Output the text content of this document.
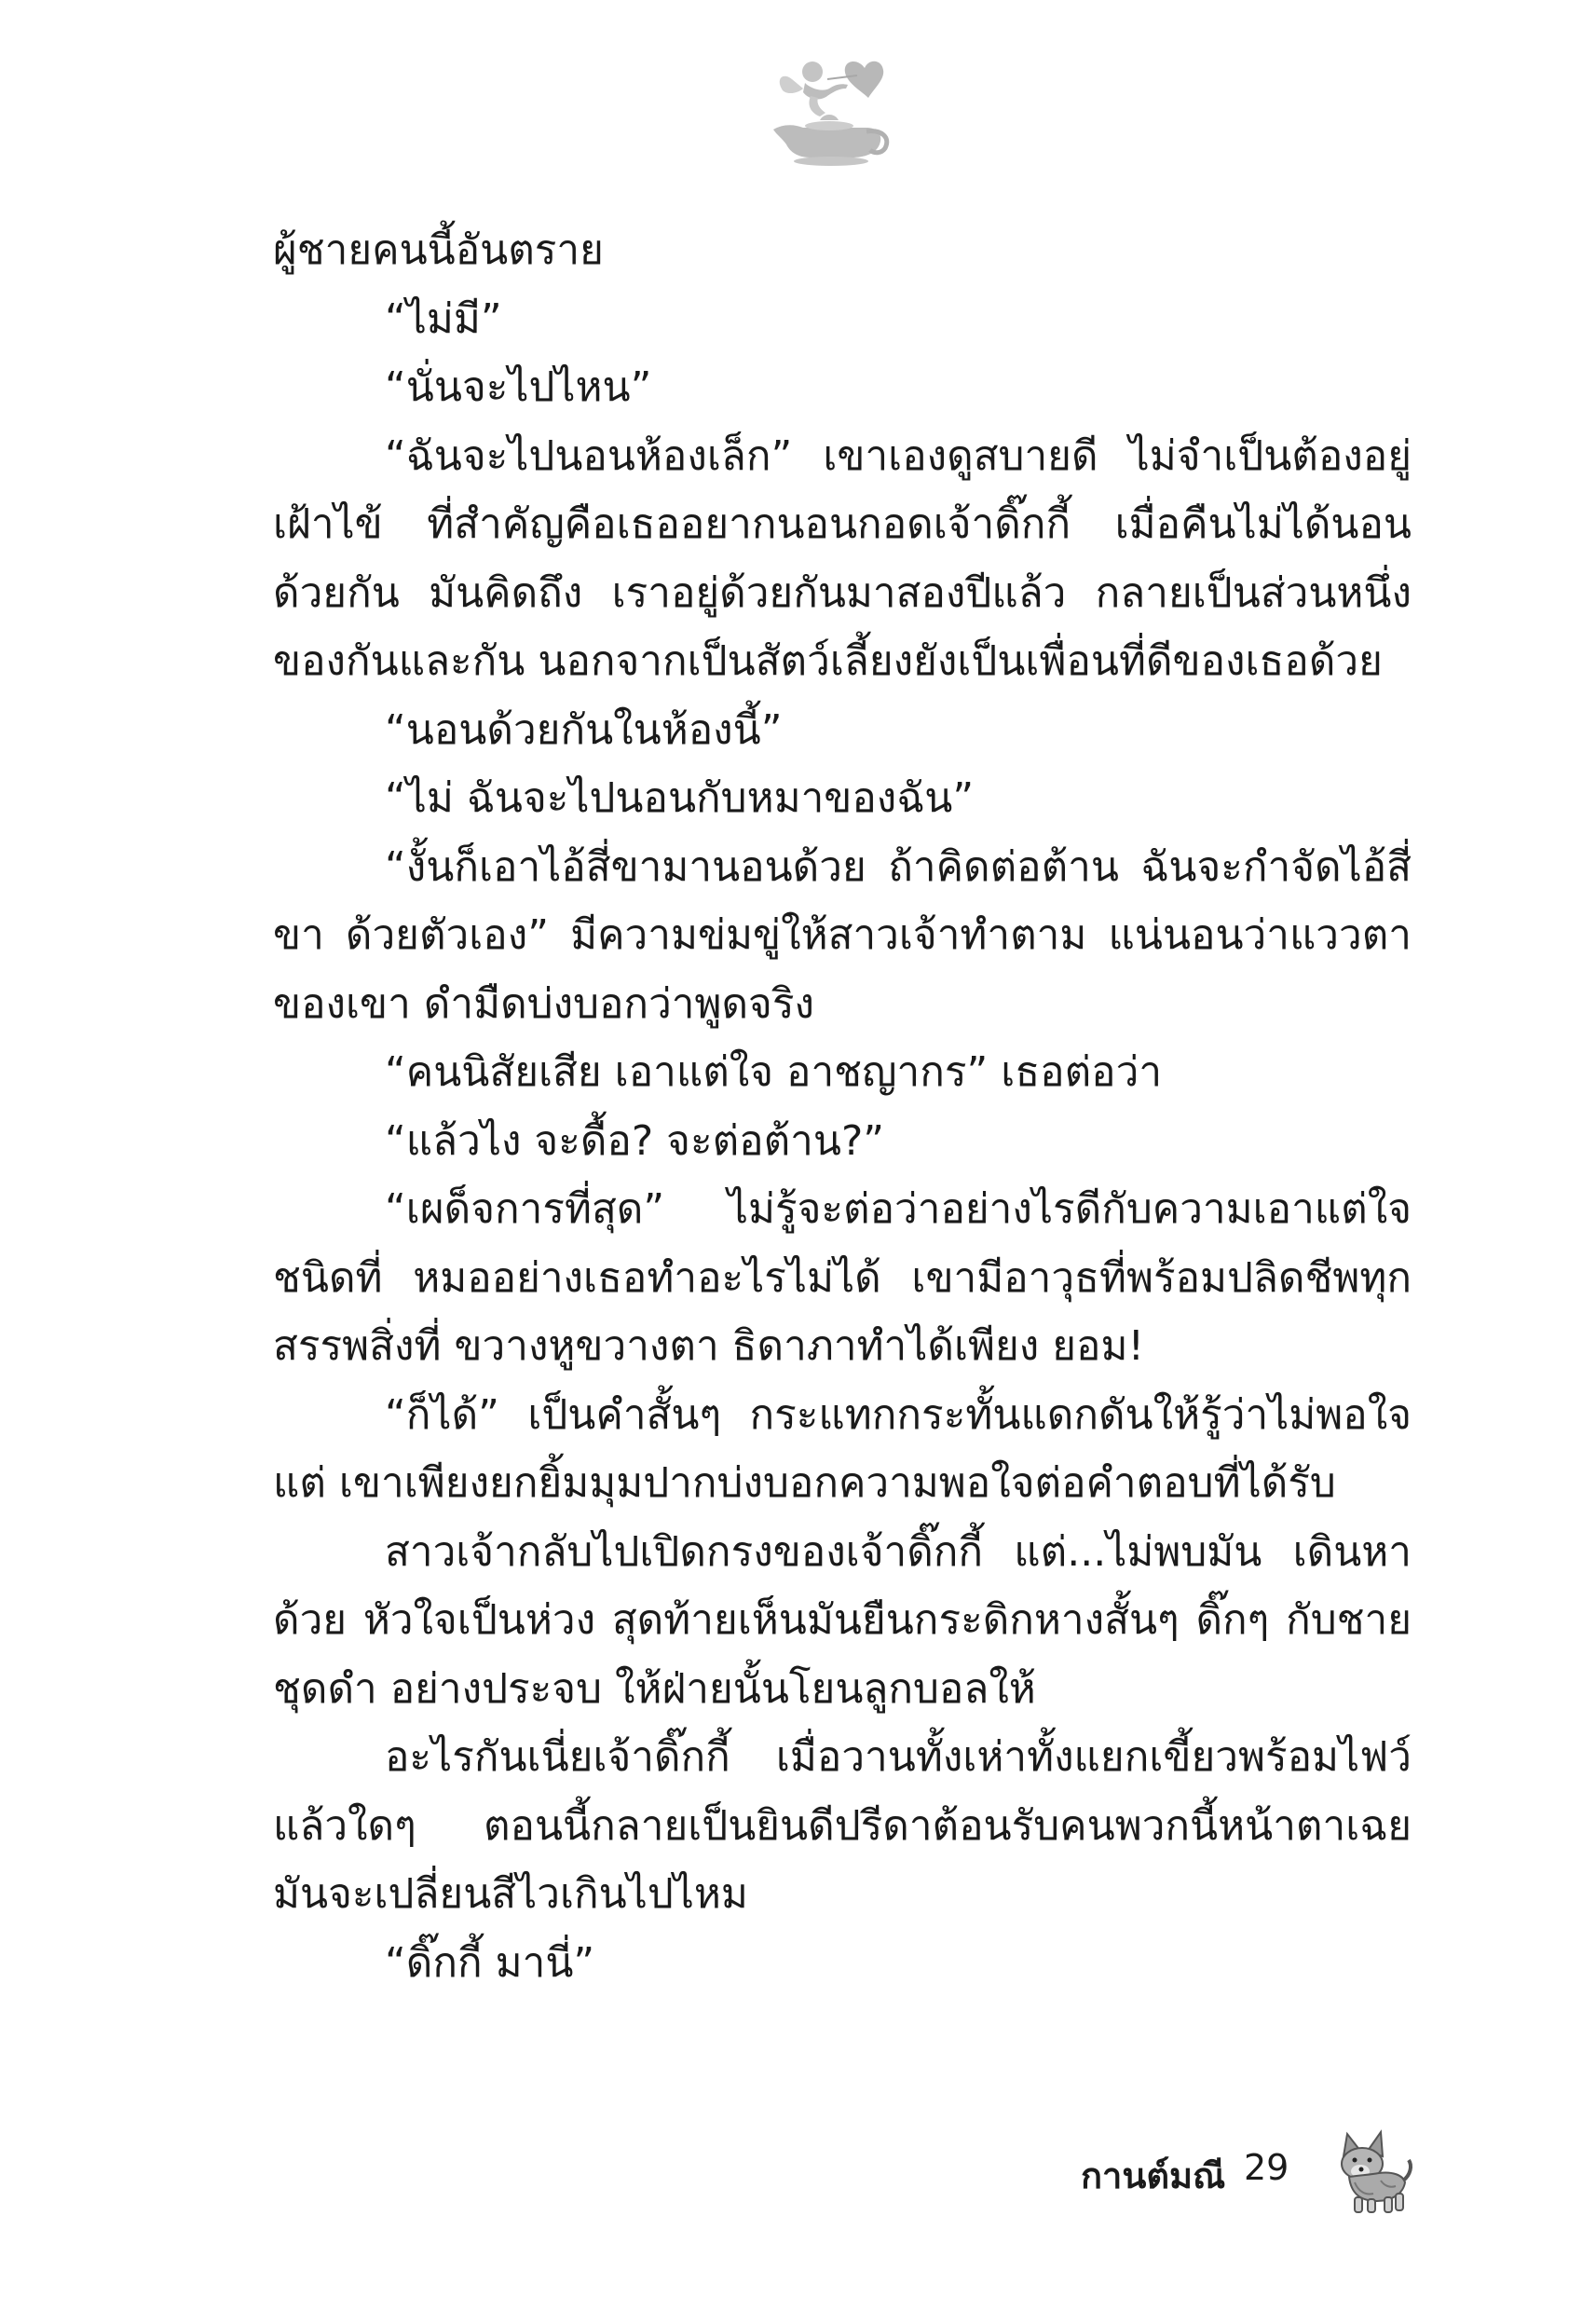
ผู้ชายคนนี้อันตราย

“ไม่มี”

“นั่นจะไปไหน”

“ฉันจะไปนอนห้องเล็ก” เขาเองดูสบายดี ไม่จำเป็นต้องอยู่เฝ้าไข้ ที่สำคัญคือเธออยากนอนกอดเจ้าดิ๊กกี้ เมื่อคืนไม่ได้นอนด้วยกัน มันคิดถึง เราอยู่ด้วยกันมาสองปีแล้ว กลายเป็นส่วนหนึ่งของกันและกัน นอกจากเป็นสัตว์เลี้ยงยังเป็นเพื่อนที่ดีของเธอด้วย

“นอนด้วยกันในห้องนี้”

“ไม่ ฉันจะไปนอนกับหมาของฉัน”

“งั้นก็เอาไอ้สี่ขามานอนด้วย ถ้าคิดต่อต้าน ฉันจะกำจัดไอ้สี่ขา ด้วยตัวเอง” มีความข่มขู่ให้สาวเจ้าทำตาม แน่นอนว่าแววตาของเขา ดำมืดบ่งบอกว่าพูดจริง

“คนนิสัยเสีย เอาแต่ใจ อาชญากร” เธอต่อว่า

“แล้วไง จะดื้อ? จะต่อต้าน?”

“เผด็จการที่สุด” ไม่รู้จะต่อว่าอย่างไรดีกับความเอาแต่ใจชนิดที่ หมออย่างเธอทำอะไรไม่ได้ เขามีอาวุธที่พร้อมปลิดชีพทุกสรรพสิ่งที่ ขวางหูขวางตา ธิดาภาทำได้เพียง ยอม!

“ก็ได้” เป็นคำสั้นๆ กระแทกกระทั้นแดกดันให้รู้ว่าไม่พอใจ แต่ เขาเพียงยกยิ้มมุมปากบ่งบอกความพอใจต่อคำตอบที่ได้รับ

สาวเจ้ากลับไปเปิดกรงของเจ้าดิ๊กกี้ แต่...ไม่พบมัน เดินหาด้วย หัวใจเป็นห่วง สุดท้ายเห็นมันยืนกระดิกหางสั้นๆ ดิ๊กๆ กับชายชุดดำ อย่างประจบ ให้ฝ่ายนั้นโยนลูกบอลให้

อะไรกันเนี่ยเจ้าดิ๊กกี้ เมื่อวานทั้งเห่าทั้งแยกเขี้ยวพร้อมไฟว์ แล้วใดๆ ตอนนี้กลายเป็นยินดีปรีดาต้อนรับคนพวกนี้หน้าตาเฉย มันจะเปลี่ยนสีไวเกินไปไหม

“ดิ๊กกี้ มานี่”

กานต์มณี 29
